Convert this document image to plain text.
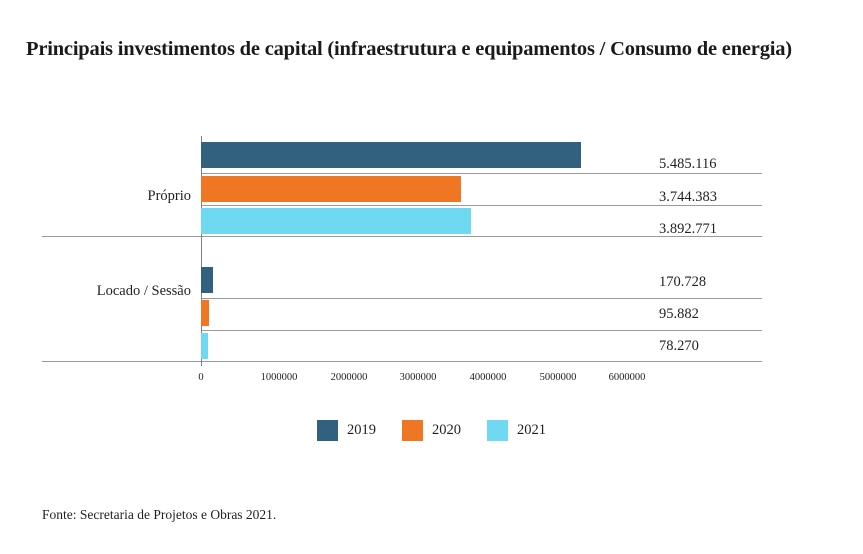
Principais investimentos de capital (infraestrutura e equipamentos / Consumo de energia)
5.485.116
3.744.383
3.892.771
Próprio
170.728
95.882
78.270
Locado / Sessão
0	1000000	2000000	3000000	4000000	5000000	6000000
2019	2020	2021
Fonte: Secretaria de Projetos e Obras 2021.
